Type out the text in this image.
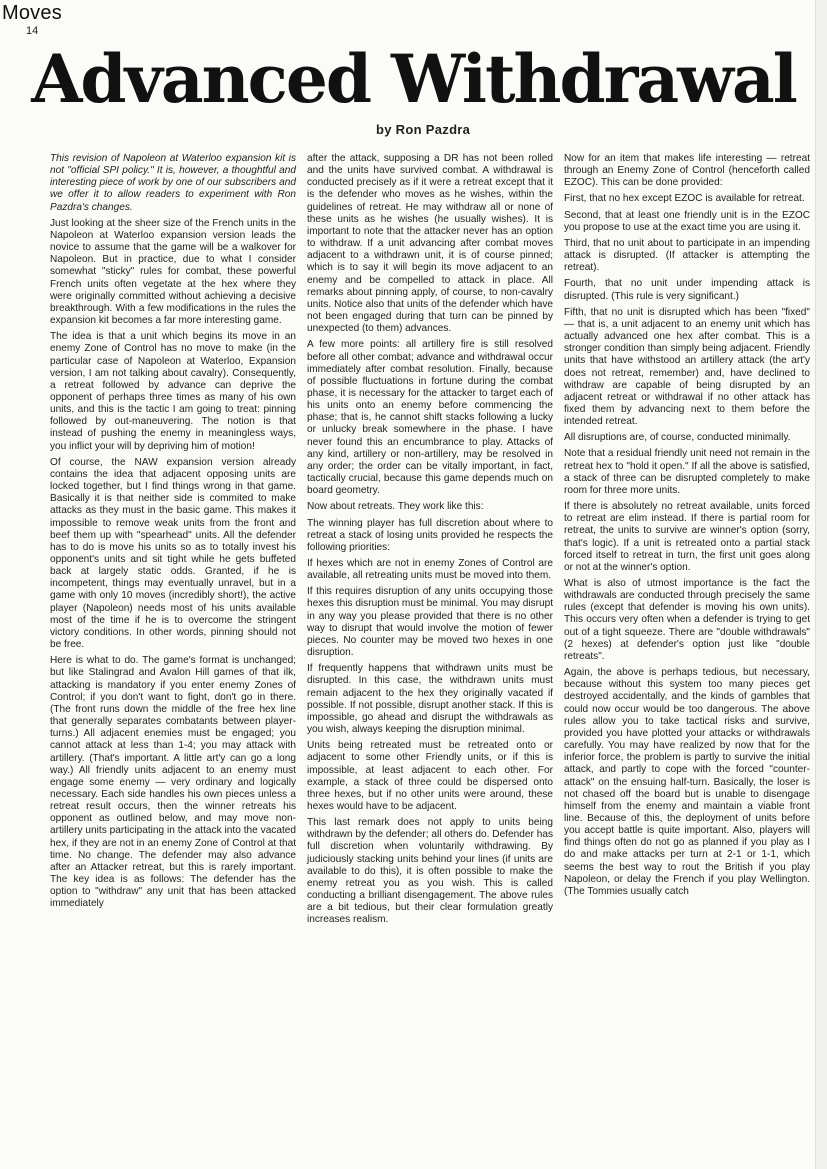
Moves
14
Advanced Withdrawal
by Ron Pazdra

This revision of Napoleon at Waterloo expansion kit is not "official SPI policy." It is, however, a thoughtful and interesting piece of work by one of our subscribers and we offer it to allow readers to experiment with Ron Pazdra's changes.

Just looking at the sheer size of the French units in the Napoleon at Waterloo expansion version leads the novice to assume that the game will be a walkover for Napoleon. But in practice, due to what I consider somewhat "sticky" rules for combat, these powerful French units often vegetate at the hex where they were originally committed without achieving a decisive breakthrough. With a few modifications in the rules the expansion kit becomes a far more interesting game.

The idea is that a unit which begins its move in an enemy Zone of Control has no move to make (in the particular case of Napoleon at Waterloo, Expansion version, I am not talking about cavalry). Consequently, a retreat followed by advance can deprive the opponent of perhaps three times as many of his own units, and this is the tactic I am going to treat: pinning followed by out-maneuvering. The notion is that instead of pushing the enemy in meaningless ways, you inflict your will by depriving him of motion!

Of course, the NAW expansion version already contains the idea that adjacent opposing units are locked together, but I find things wrong in that game. Basically it is that neither side is commited to make attacks as they must in the basic game. This makes it impossible to remove weak units from the front and beef them up with "spearhead" units. All the defender has to do is move his units so as to totally invest his opponent's units and sit tight while he gets buffeted back at largely static odds. Granted, if he is incompetent, things may eventually unravel, but in a game with only 10 moves (incredibly short!), the active player (Napoleon) needs most of his units available most of the time if he is to overcome the stringent victory conditions. In other words, pinning should not be free.

Here is what to do. The game's format is unchanged; but like Stalingrad and Avalon Hill games of that ilk, attacking is mandatory if you enter enemy Zones of Control; if you don't want to fight, don't go in there. (The front runs down the middle of the free hex line that generally separates combatants between player-turns.) All adjacent enemies must be engaged; you cannot attack at less than 1-4; you may attack with artillery. (That's important. A little art'y can go a long way.) All friendly units adjacent to an enemy must engage some enemy — very ordinary and logically necessary. Each side handles his own pieces unless a retreat result occurs, then the winner retreats his opponent as outlined below, and may move non-artillery units participating in the attack into the vacated hex, if they are not in an enemy Zone of Control at that time. No change. The defender may also advance after an Attacker retreat, but this is rarely important. The key idea is as follows: The defender has the option to "withdraw" any unit that has been attacked immediately

after the attack, supposing a DR has not been rolled and the units have survived combat. A withdrawal is conducted precisely as if it were a retreat except that it is the defender who moves as he wishes, within the guidelines of retreat. He may withdraw all or none of these units as he wishes (he usually wishes). It is important to note that the attacker never has an option to withdraw. If a unit advancing after combat moves adjacent to a withdrawn unit, it is of course pinned; which is to say it will begin its move adjacent to an enemy and be compelled to attack in place. All remarks about pinning apply, of course, to non-cavalry units. Notice also that units of the defender which have not been engaged during that turn can be pinned by unexpected (to them) advances.

A few more points: all artillery fire is still resolved before all other combat; advance and withdrawal occur immediately after combat resolution. Finally, because of possible fluctuations in fortune during the combat phase, it is necessary for the attacker to target each of his units onto an enemy before commencing the phase; that is, he cannot shift stacks following a lucky or unlucky break somewhere in the phase. I have never found this an encumbrance to play. Attacks of any kind, artillery or non-artillery, may be resolved in any order; the order can be vitally important, in fact, tactically crucial, because this game depends much on board geometry.

Now about retreats. They work like this:

The winning player has full discretion about where to retreat a stack of losing units provided he respects the following priorities:

If hexes which are not in enemy Zones of Control are available, all retreating units must be moved into them.

If this requires disruption of any units occupying those hexes this disruption must be minimal. You may disrupt in any way you please provided that there is no other way to disrupt that would involve the motion of fewer pieces. No counter may be moved two hexes in one disruption.

If frequently happens that withdrawn units must be disrupted. In this case, the withdrawn units must remain adjacent to the hex they originally vacated if possible. If not possible, disrupt another stack. If this is impossible, go ahead and disrupt the withdrawals as you wish, always keeping the disruption minimal.

Units being retreated must be retreated onto or adjacent to some other Friendly units, or if this is impossible, at least adjacent to each other. For example, a stack of three could be dispersed onto three hexes, but if no other units were around, these hexes would have to be adjacent.

This last remark does not apply to units being withdrawn by the defender; all others do. Defender has full discretion when voluntarily withdrawing. By judiciously stacking units behind your lines (if units are available to do this), it is often possible to make the enemy retreat you as you wish. This is called conducting a brilliant disengagement. The above rules are a bit tedious, but their clear formulation greatly increases realism.

Now for an item that makes life interesting — retreat through an Enemy Zone of Control (henceforth called EZOC). This can be done provided:

First, that no hex except EZOC is available for retreat.

Second, that at least one friendly unit is in the EZOC you propose to use at the exact time you are using it.

Third, that no unit about to participate in an impending attack is disrupted. (If attacker is attempting the retreat).

Fourth, that no unit under impending attack is disrupted. (This rule is very significant.)

Fifth, that no unit is disrupted which has been "fixed" — that is, a unit adjacent to an enemy unit which has actually advanced one hex after combat. This is a stronger condition than simply being adjacent. Friendly units that have withstood an artillery attack (the art'y does not retreat, remember) and, have declined to withdraw are capable of being disrupted by an adjacent retreat or withdrawal if no other attack has fixed them by advancing next to them before the intended retreat.

All disruptions are, of course, conducted minimally.

Note that a residual friendly unit need not remain in the retreat hex to "hold it open." If all the above is satisfied, a stack of three can be disrupted completely to make room for three more units.

If there is absolutely no retreat available, units forced to retreat are elim instead. If there is partial room for retreat, the units to survive are winner's option (sorry, that's logic). If a unit is retreated onto a partial stack forced itself to retreat in turn, the first unit goes along or not at the winner's option.

What is also of utmost importance is the fact the withdrawals are conducted through precisely the same rules (except that defender is moving his own units). This occurs very often when a defender is trying to get out of a tight squeeze. There are "double withdrawals" (2 hexes) at defender's option just like "double retreats".

Again, the above is perhaps tedious, but necessary, because without this system too many pieces get destroyed accidentally, and the kinds of gambles that could now occur would be too dangerous. The above rules allow you to take tactical risks and survive, provided you have plotted your attacks or withdrawals carefully. You may have realized by now that for the inferior force, the problem is partly to survive the initial attack, and partly to cope with the forced "counter-attack" on the ensuing half-turn. Basically, the loser is not chased off the board but is unable to disengage himself from the enemy and maintain a viable front line. Because of this, the deployment of units before you accept battle is quite important. Also, players will find things often do not go as planned if you play as I do and make attacks per turn at 2-1 or 1-1, which seems the best way to rout the British if you play Napoleon, or delay the French if you play Wellington. (The Tommies usually catch
